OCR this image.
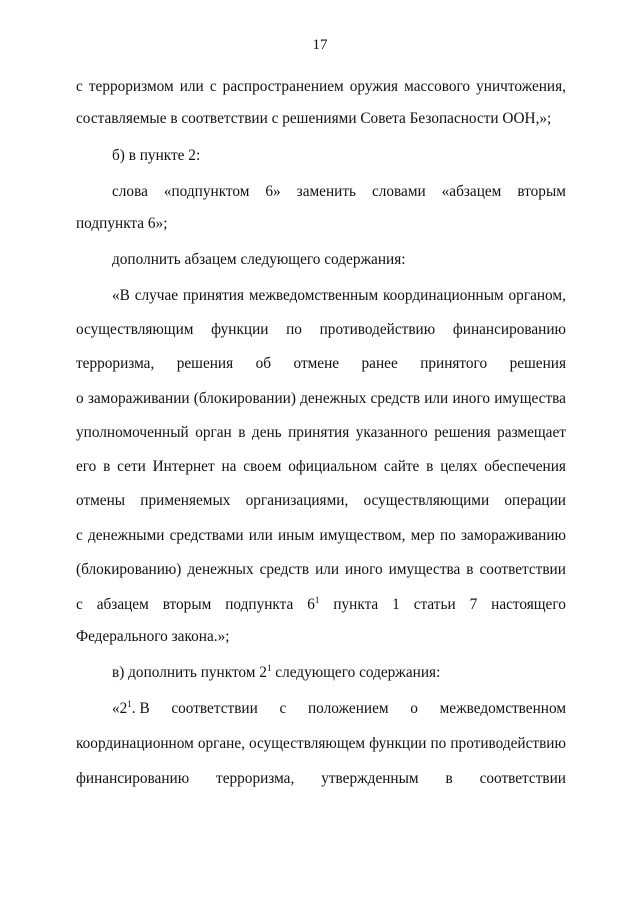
17
с терроризмом или с распространением оружия массового уничтожения,
составляемые в соответствии с решениями Совета Безопасности ООН,»;
б) в пункте 2:
слова «подпунктом 6» заменить словами «абзацем вторым
подпункта 6»;
дополнить абзацем следующего содержания:
«В случае принятия межведомственным координационным органом,
осуществляющим функции по противодействию финансированию
терроризма, решения об отмене ранее принятого решения
о замораживании (блокировании) денежных средств или иного имущества
уполномоченный орган в день принятия указанного решения размещает
его в сети Интернет на своем официальном сайте в целях обеспечения
отмены применяемых организациями, осуществляющими операции
с денежными средствами или иным имуществом, мер по замораживанию
(блокированию) денежных средств или иного имущества в соответствии
с абзацем вторым подпункта $6^1$ пункта 1 статьи 7 настоящего
Федерального закона.»;
в) дополнить пунктом $2^1$ следующего содержания:
«$2^1$. В соответствии с положением о межведомственном
координационном органе, осуществляющем функции по противодействию
финансированию терроризма, утвержденным в соответствии
